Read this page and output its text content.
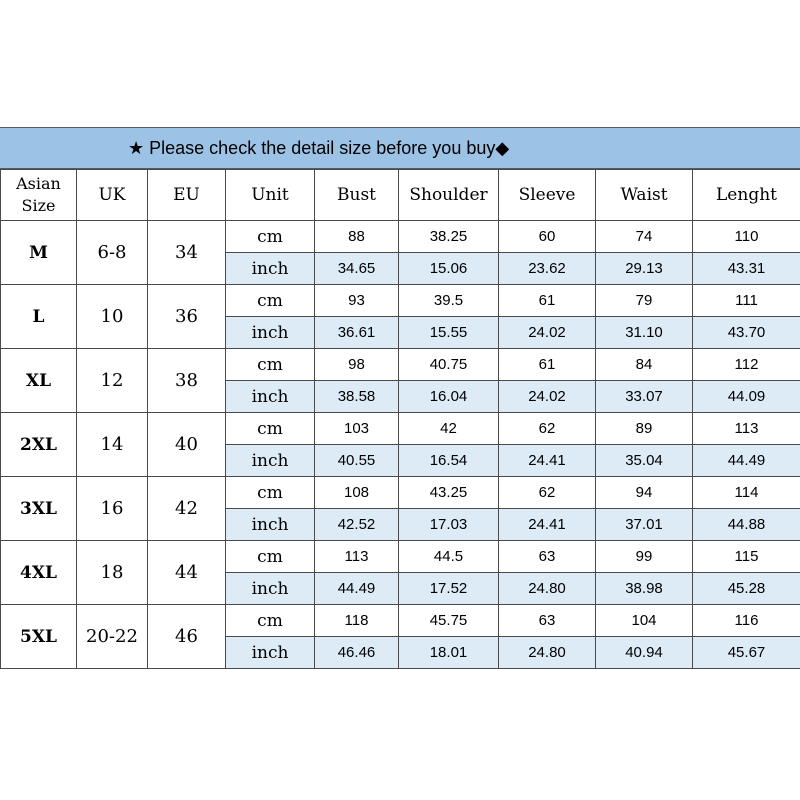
★ Please check the detail size before you buy◆
Asian
Size	UK	EU	Unit	Bust	Shoulder	Sleeve	Waist	Lenght
M	6-8	34	cm	88	38.25	60	74	110
			inch	34.65	15.06	23.62	29.13	43.31
L	10	36	cm	93	39.5	61	79	111
			inch	36.61	15.55	24.02	31.10	43.70
XL	12	38	cm	98	40.75	61	84	112
			inch	38.58	16.04	24.02	33.07	44.09
2XL	14	40	cm	103	42	62	89	113
			inch	40.55	16.54	24.41	35.04	44.49
3XL	16	42	cm	108	43.25	62	94	114
			inch	42.52	17.03	24.41	37.01	44.88
4XL	18	44	cm	113	44.5	63	99	115
			inch	44.49	17.52	24.80	38.98	45.28
5XL	20-22	46	cm	118	45.75	63	104	116
			inch	46.46	18.01	24.80	40.94	45.67
